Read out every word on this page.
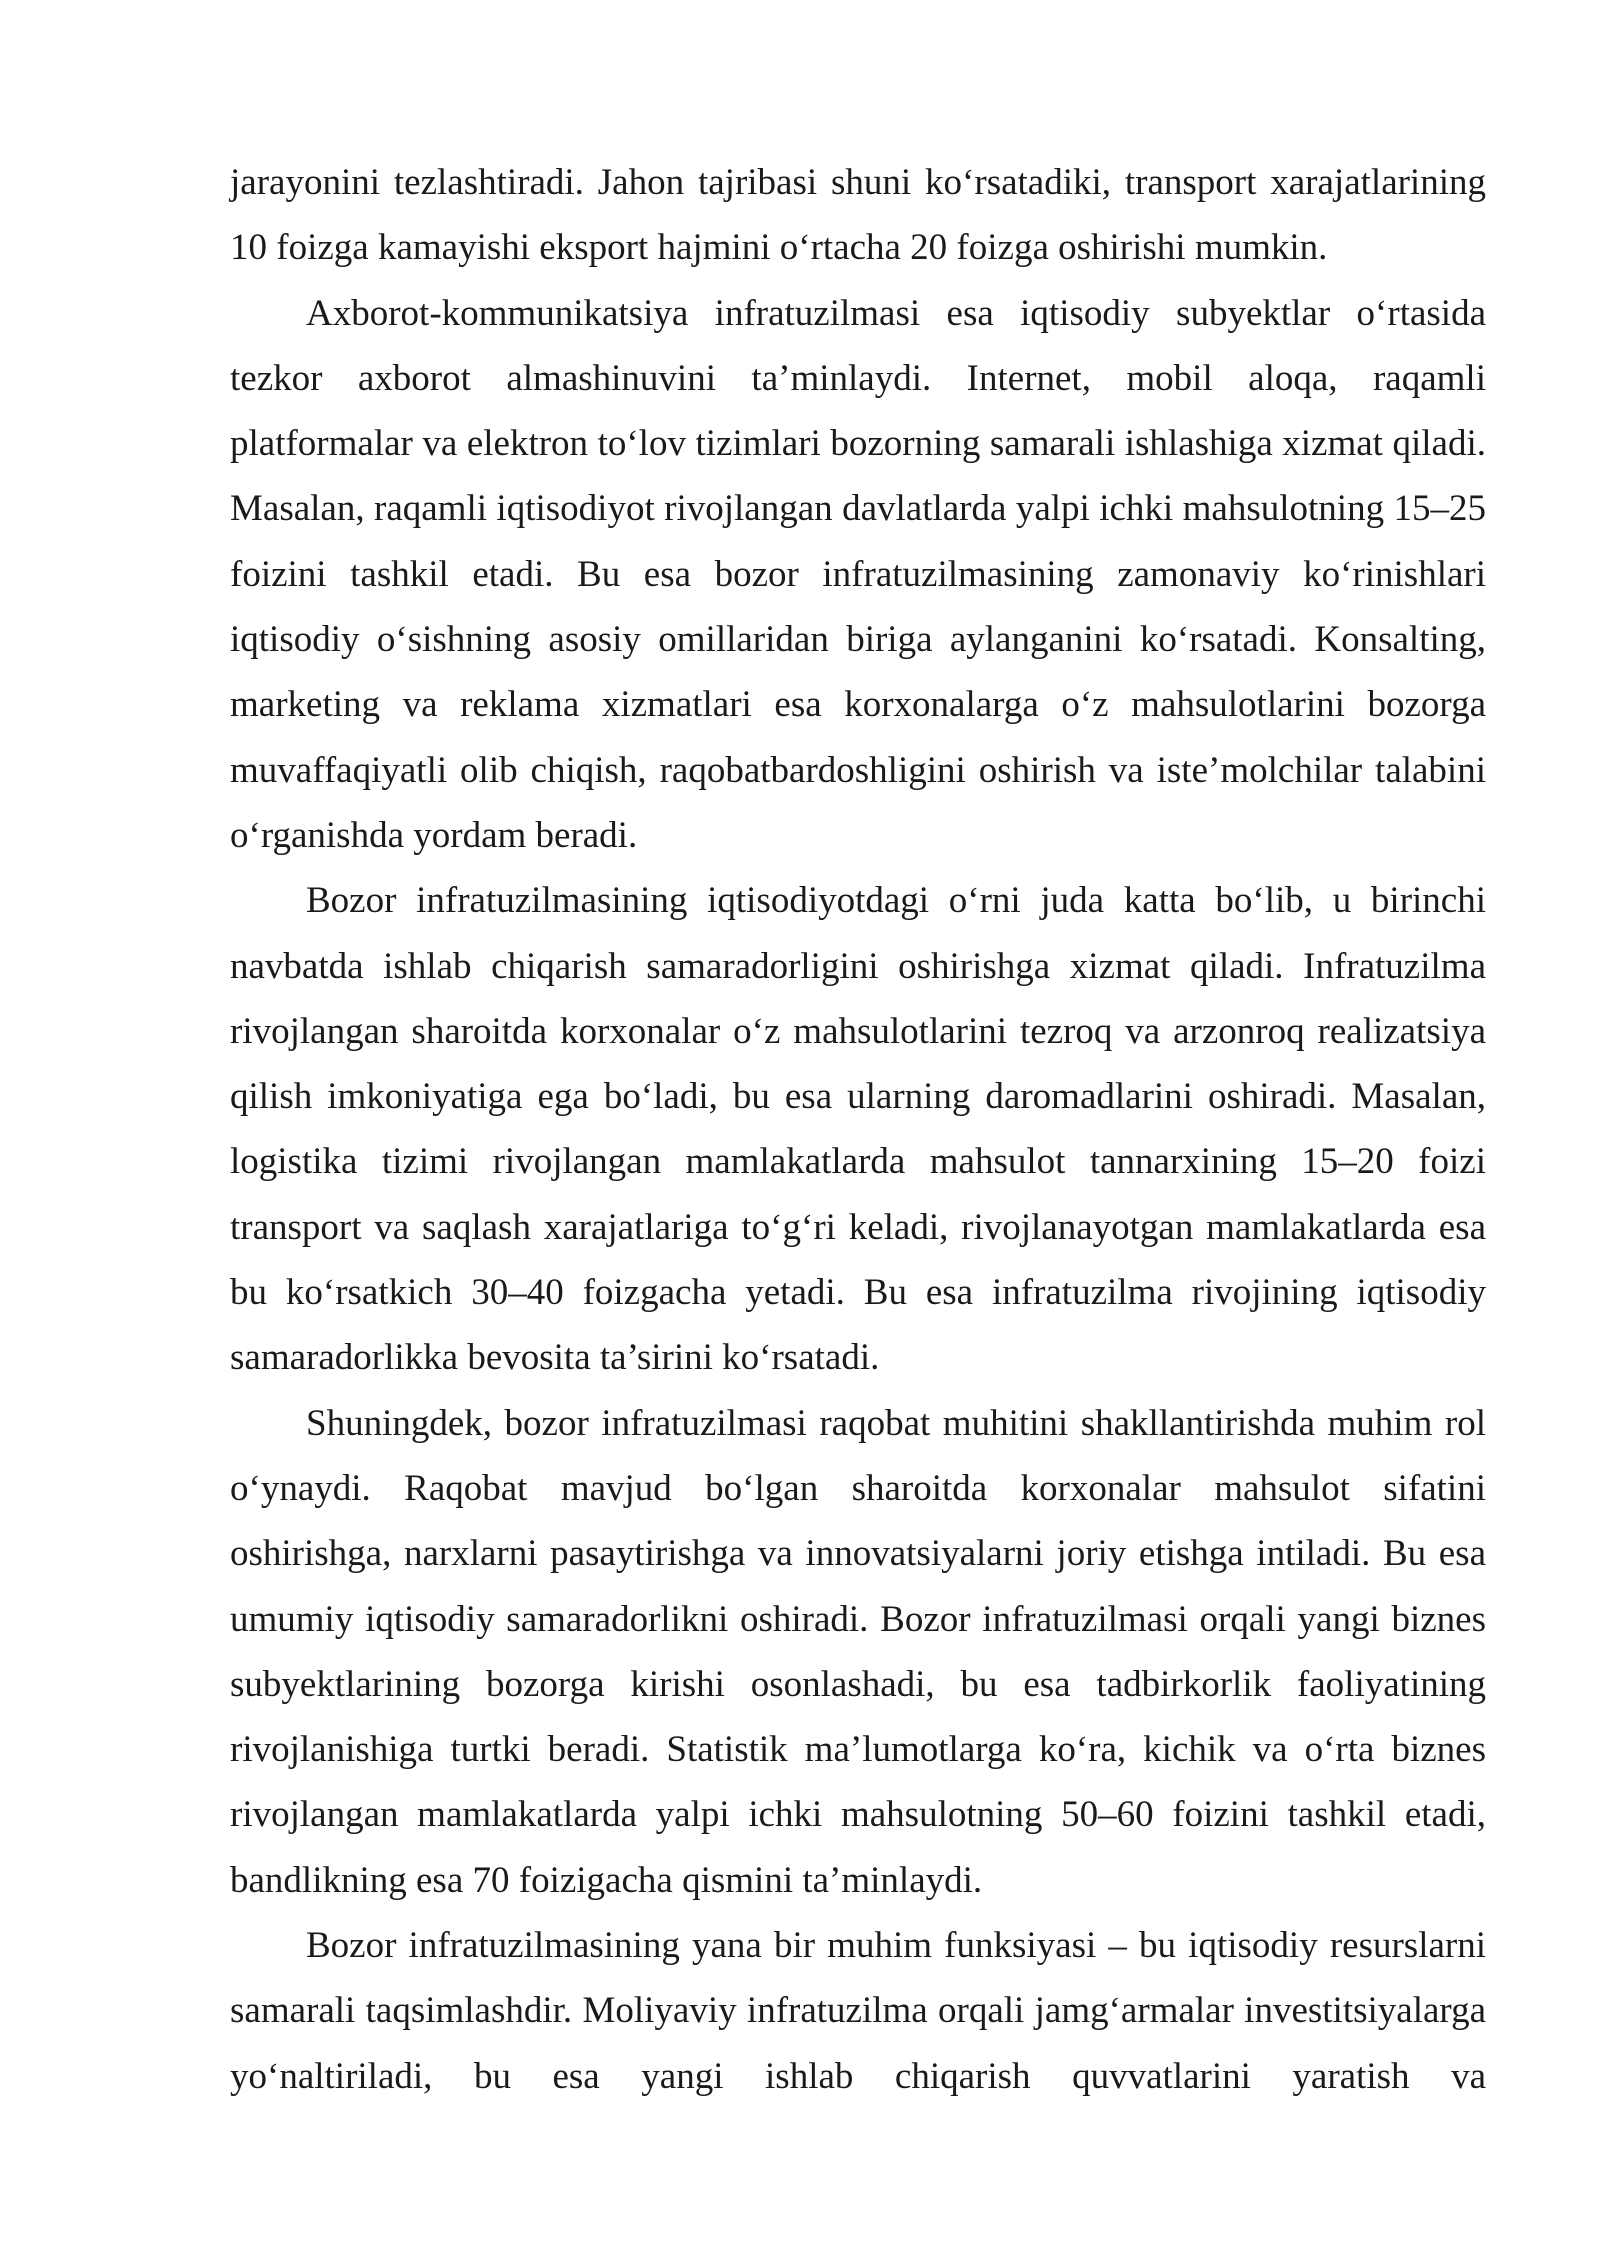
jarayonini tezlashtiradi. Jahon tajribasi shuni ko‘rsatadiki, transport xarajatlarining 10 foizga kamayishi eksport hajmini o‘rtacha 20 foizga oshirishi mumkin.

Axborot-kommunikatsiya infratuzilmasi esa iqtisodiy subyektlar o‘rtasida tezkor axborot almashinuvini ta’minlaydi. Internet, mobil aloqa, raqamli platformalar va elektron to‘lov tizimlari bozorning samarali ishlashiga xizmat qiladi. Masalan, raqamli iqtisodiyot rivojlangan davlatlarda yalpi ichki mahsulotning 15–25 foizini tashkil etadi. Bu esa bozor infratuzilmasining zamonaviy ko‘rinishlari iqtisodiy o‘sishning asosiy omillaridan biriga aylanganini ko‘rsatadi. Konsalting, marketing va reklama xizmatlari esa korxonalarga o‘z mahsulotlarini bozorga muvaffaqiyatli olib chiqish, raqobatbardoshligini oshirish va iste’molchilar talabini o‘rganishda yordam beradi.

Bozor infratuzilmasining iqtisodiyotdagi o‘rni juda katta bo‘lib, u birinchi navbatda ishlab chiqarish samaradorligini oshirishga xizmat qiladi. Infratuzilma rivojlangan sharoitda korxonalar o‘z mahsulotlarini tezroq va arzonroq realizatsiya qilish imkoniyatiga ega bo‘ladi, bu esa ularning daromadlarini oshiradi. Masalan, logistika tizimi rivojlangan mamlakatlarda mahsulot tannarxining 15–20 foizi transport va saqlash xarajatlariga to‘g‘ri keladi, rivojlanayotgan mamlakatlarda esa bu ko‘rsatkich 30–40 foizgacha yetadi. Bu esa infratuzilma rivojining iqtisodiy samaradorlikka bevosita ta’sirini ko‘rsatadi.

Shuningdek, bozor infratuzilmasi raqobat muhitini shakllantirishda muhim rol o‘ynaydi. Raqobat mavjud bo‘lgan sharoitda korxonalar mahsulot sifatini oshirishga, narxlarni pasaytirishga va innovatsiyalarni joriy etishga intiladi. Bu esa umumiy iqtisodiy samaradorlikni oshiradi. Bozor infratuzilmasi orqali yangi biznes subyektlarining bozorga kirishi osonlashadi, bu esa tadbirkorlik faoliyatining rivojlanishiga turtki beradi. Statistik ma’lumotlarga ko‘ra, kichik va o‘rta biznes rivojlangan mamlakatlarda yalpi ichki mahsulotning 50–60 foizini tashkil etadi, bandlikning esa 70 foizigacha qismini ta’minlaydi.

Bozor infratuzilmasining yana bir muhim funksiyasi – bu iqtisodiy resurslarni samarali taqsimlashdir. Moliyaviy infratuzilma orqali jamg‘armalar investitsiyalarga yo‘naltiriladi, bu esa yangi ishlab chiqarish quvvatlarini yaratish va
